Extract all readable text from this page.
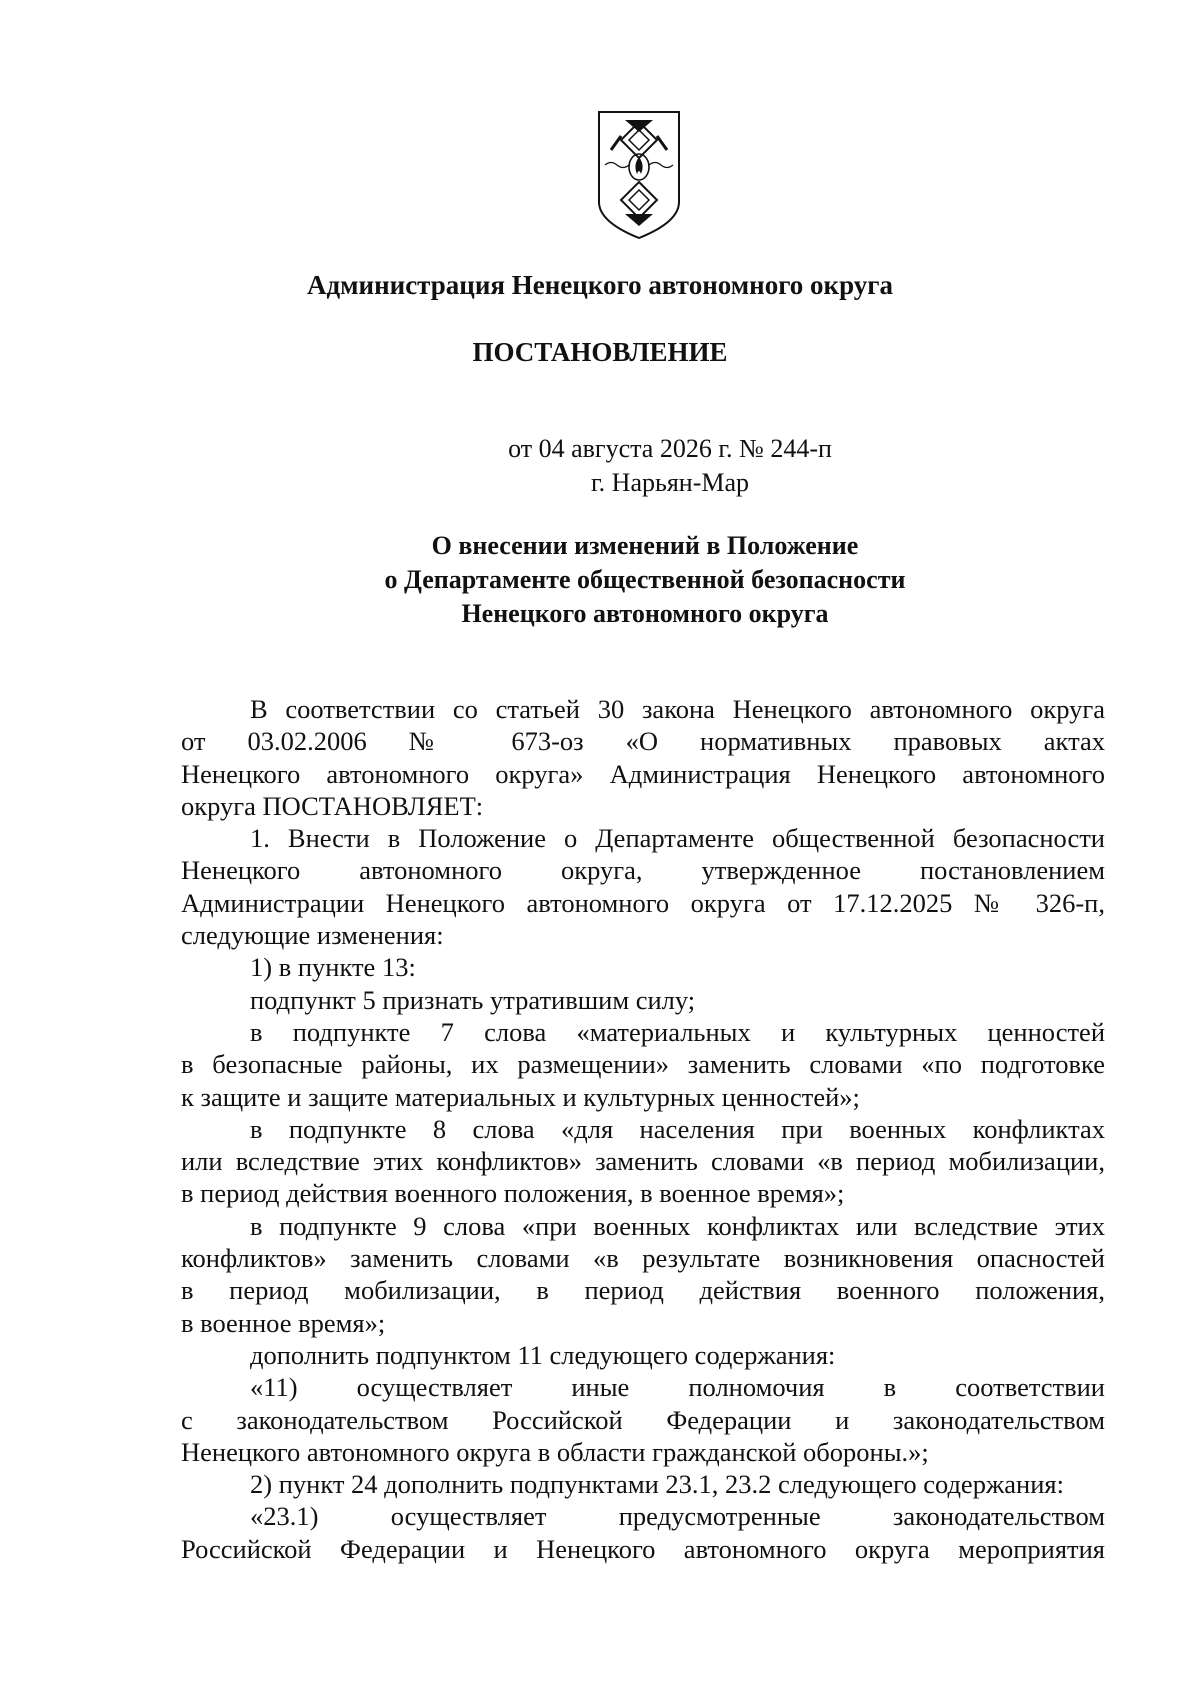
Администрация Ненецкого автономного округа
ПОСТАНОВЛЕНИЕ
от 04 августа 2026 г. № 244-п
г. Нарьян-Мар
О внесении изменений в Положение
о Департаменте общественной безопасности
Ненецкого автономного округа
В соответствии со статьей 30 закона Ненецкого автономного округа
от 03.02.2006 № 673-оз «О нормативных правовых актах
Ненецкого автономного округа» Администрация Ненецкого автономного
округа ПОСТАНОВЛЯЕТ:
1. Внести в Положение о Департаменте общественной безопасности
Ненецкого автономного округа, утвержденное постановлением
Администрации Ненецкого автономного округа от 17.12.2025 № 326-п,
следующие изменения:
1) в пункте 13:
подпункт 5 признать утратившим силу;
в подпункте 7 слова «материальных и культурных ценностей
в безопасные районы, их размещении» заменить словами «по подготовке
к защите и защите материальных и культурных ценностей»;
в подпункте 8 слова «для населения при военных конфликтах
или вследствие этих конфликтов» заменить словами «в период мобилизации,
в период действия военного положения, в военное время»;
в подпункте 9 слова «при военных конфликтах или вследствие этих
конфликтов» заменить словами «в результате возникновения опасностей
в период мобилизации, в период действия военного положения,
в военное время»;
дополнить подпунктом 11 следующего содержания:
«11) осуществляет иные полномочия в соответствии
с законодательством Российской Федерации и законодательством
Ненецкого автономного округа в области гражданской обороны.»;
2) пункт 24 дополнить подпунктами 23.1, 23.2 следующего содержания:
«23.1) осуществляет предусмотренные законодательством
Российской Федерации и Ненецкого автономного округа мероприятия
